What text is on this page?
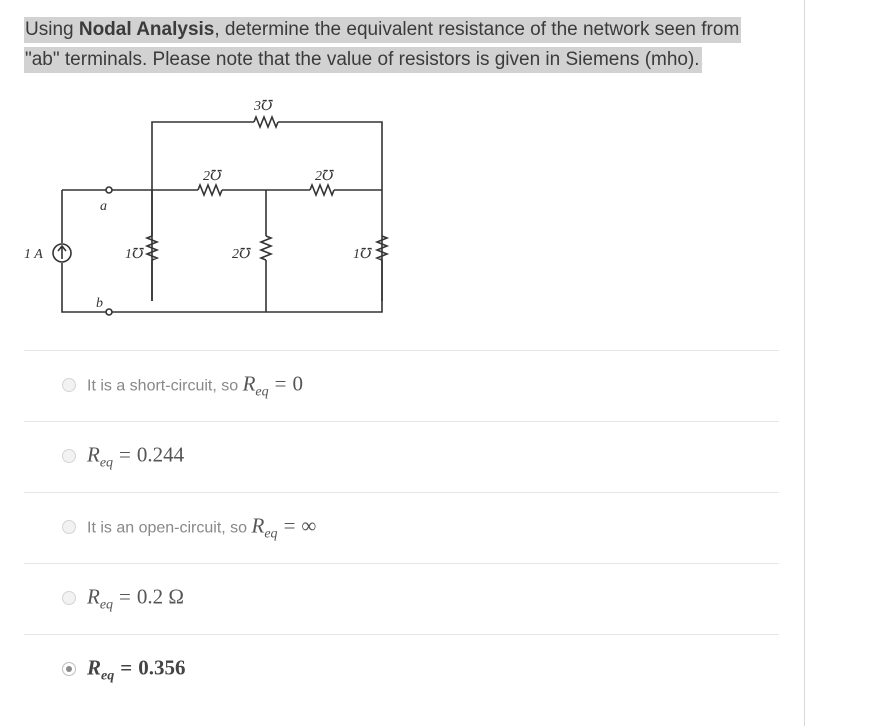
Using Nodal Analysis, determine the equivalent resistance of the network seen from
"ab" terminals. Please note that the value of resistors is given in Siemens (mho).
3℧
2℧	2℧
1℧	2℧	1℧
1 A
a
b
It is a short-circuit, so $R_{eq} = 0$
$R_{eq} = 0.244$
It is an open-circuit, so $R_{eq}$ = ∞
$R_{eq} = 0.2$ Ω
$R_{eq} = 0.356$
